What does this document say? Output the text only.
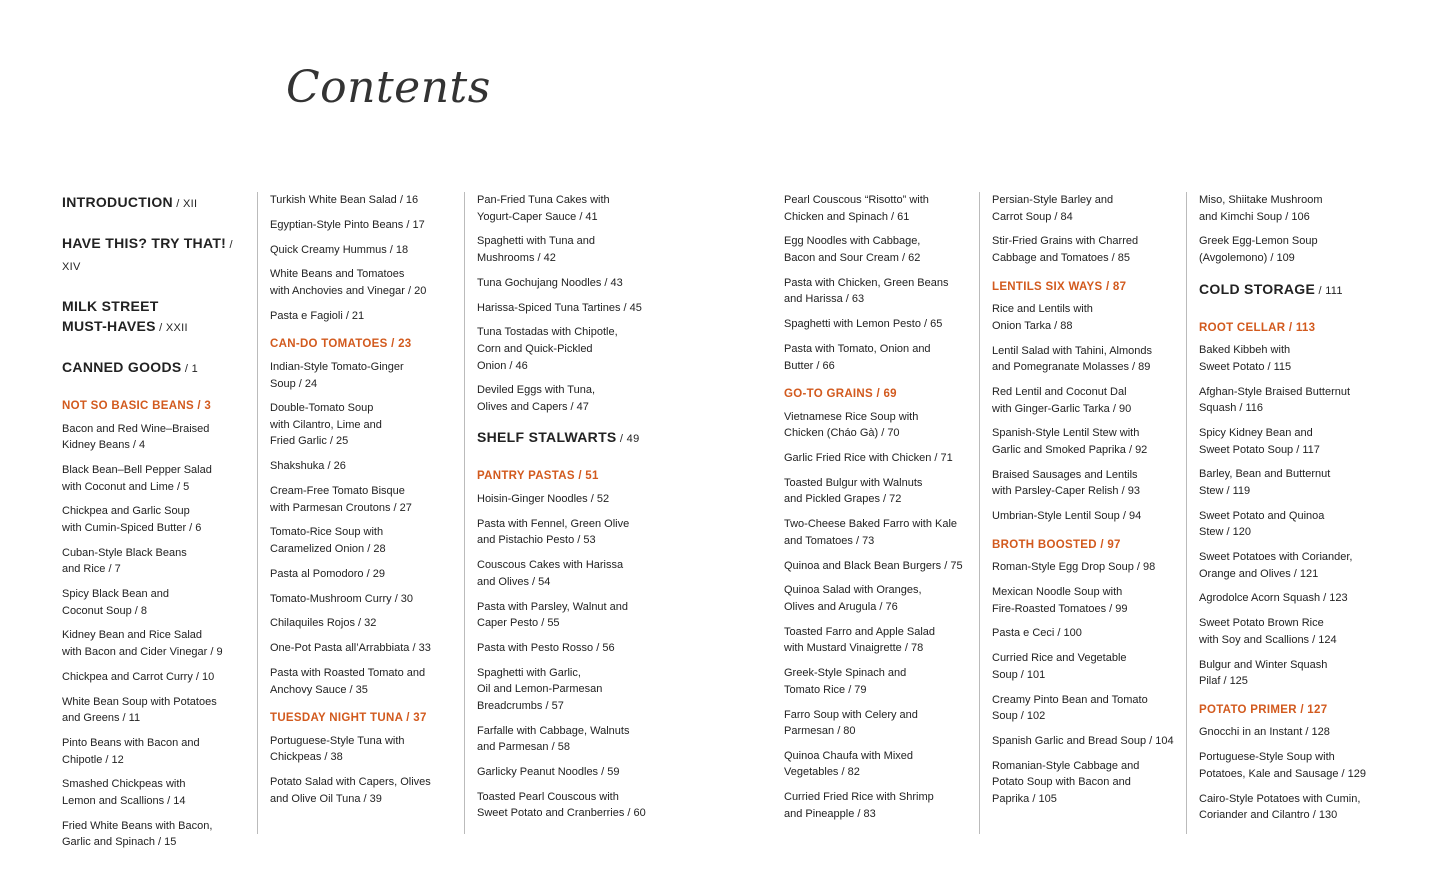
Contents
INTRODUCTION / XII
HAVE THIS? TRY THAT! / XIV
MILK STREET
MUST-HAVES / XXII
CANNED GOODS / 1
NOT SO BASIC BEANS / 3
Bacon and Red Wine–Braised
Kidney Beans / 4
Black Bean–Bell Pepper Salad
with Coconut and Lime / 5
Chickpea and Garlic Soup
with Cumin-Spiced Butter / 6
Cuban-Style Black Beans
and Rice / 7
Spicy Black Bean and
Coconut Soup / 8
Kidney Bean and Rice Salad
with Bacon and Cider Vinegar / 9
Chickpea and Carrot Curry / 10
White Bean Soup with Potatoes
and Greens / 11
Pinto Beans with Bacon and
Chipotle / 12
Smashed Chickpeas with
Lemon and Scallions / 14
Fried White Beans with Bacon,
Garlic and Spinach / 15
Turkish White Bean Salad / 16
Egyptian-Style Pinto Beans / 17
Quick Creamy Hummus / 18
White Beans and Tomatoes
with Anchovies and Vinegar / 20
Pasta e Fagioli / 21
CAN-DO TOMATOES / 23
Indian-Style Tomato-Ginger
Soup / 24
Double-Tomato Soup
with Cilantro, Lime and
Fried Garlic / 25
Shakshuka / 26
Cream-Free Tomato Bisque
with Parmesan Croutons / 27
Tomato-Rice Soup with
Caramelized Onion / 28
Pasta al Pomodoro / 29
Tomato-Mushroom Curry / 30
Chilaquiles Rojos / 32
One-Pot Pasta all’Arrabbiata / 33
Pasta with Roasted Tomato and
Anchovy Sauce / 35
TUESDAY NIGHT TUNA / 37
Portuguese-Style Tuna with
Chickpeas / 38
Potato Salad with Capers, Olives
and Olive Oil Tuna / 39
Pan-Fried Tuna Cakes with
Yogurt-Caper Sauce / 41
Spaghetti with Tuna and
Mushrooms / 42
Tuna Gochujang Noodles / 43
Harissa-Spiced Tuna Tartines / 45
Tuna Tostadas with Chipotle,
Corn and Quick-Pickled
Onion / 46
Deviled Eggs with Tuna,
Olives and Capers / 47
SHELF STALWARTS / 49
PANTRY PASTAS / 51
Hoisin-Ginger Noodles / 52
Pasta with Fennel, Green Olive
and Pistachio Pesto / 53
Couscous Cakes with Harissa
and Olives / 54
Pasta with Parsley, Walnut and
Caper Pesto / 55
Pasta with Pesto Rosso / 56
Spaghetti with Garlic,
Oil and Lemon-Parmesan
Breadcrumbs / 57
Farfalle with Cabbage, Walnuts
and Parmesan / 58
Garlicky Peanut Noodles / 59
Toasted Pearl Couscous with
Sweet Potato and Cranberries / 60
Pearl Couscous “Risotto” with
Chicken and Spinach / 61
Egg Noodles with Cabbage,
Bacon and Sour Cream / 62
Pasta with Chicken, Green Beans
and Harissa / 63
Spaghetti with Lemon Pesto / 65
Pasta with Tomato, Onion and
Butter / 66
GO-TO GRAINS / 69
Vietnamese Rice Soup with
Chicken (Cháo Gà) / 70
Garlic Fried Rice with Chicken / 71
Toasted Bulgur with Walnuts
and Pickled Grapes / 72
Two-Cheese Baked Farro with Kale
and Tomatoes / 73
Quinoa and Black Bean Burgers / 75
Quinoa Salad with Oranges,
Olives and Arugula / 76
Toasted Farro and Apple Salad
with Mustard Vinaigrette / 78
Greek-Style Spinach and
Tomato Rice / 79
Farro Soup with Celery and
Parmesan / 80
Quinoa Chaufa with Mixed
Vegetables / 82
Curried Fried Rice with Shrimp
and Pineapple / 83
Persian-Style Barley and
Carrot Soup / 84
Stir-Fried Grains with Charred
Cabbage and Tomatoes / 85
LENTILS SIX WAYS / 87
Rice and Lentils with
Onion Tarka / 88
Lentil Salad with Tahini, Almonds
and Pomegranate Molasses / 89
Red Lentil and Coconut Dal
with Ginger-Garlic Tarka / 90
Spanish-Style Lentil Stew with
Garlic and Smoked Paprika / 92
Braised Sausages and Lentils
with Parsley-Caper Relish / 93
Umbrian-Style Lentil Soup / 94
BROTH BOOSTED / 97
Roman-Style Egg Drop Soup / 98
Mexican Noodle Soup with
Fire-Roasted Tomatoes / 99
Pasta e Ceci / 100
Curried Rice and Vegetable
Soup / 101
Creamy Pinto Bean and Tomato
Soup / 102
Spanish Garlic and Bread Soup / 104
Romanian-Style Cabbage and
Potato Soup with Bacon and
Paprika / 105
Miso, Shiitake Mushroom
and Kimchi Soup / 106
Greek Egg-Lemon Soup
(Avgolemono) / 109
COLD STORAGE / 111
ROOT CELLAR / 113
Baked Kibbeh with
Sweet Potato / 115
Afghan-Style Braised Butternut
Squash / 116
Spicy Kidney Bean and
Sweet Potato Soup / 117
Barley, Bean and Butternut
Stew / 119
Sweet Potato and Quinoa
Stew / 120
Sweet Potatoes with Coriander,
Orange and Olives / 121
Agrodolce Acorn Squash / 123
Sweet Potato Brown Rice
with Soy and Scallions / 124
Bulgur and Winter Squash
Pilaf / 125
POTATO PRIMER / 127
Gnocchi in an Instant / 128
Portuguese-Style Soup with
Potatoes, Kale and Sausage / 129
Cairo-Style Potatoes with Cumin,
Coriander and Cilantro / 130
